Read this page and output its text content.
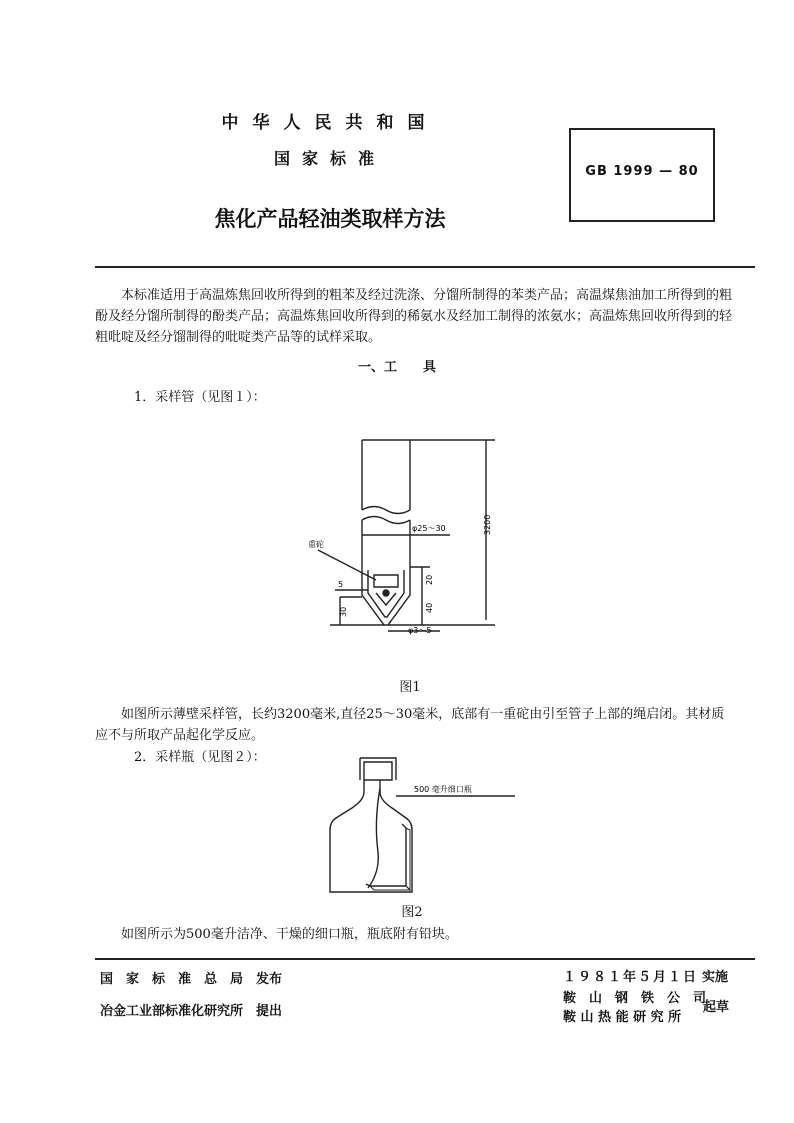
中华人民共和国
国家标准
焦化产品轻油类取样方法
GB 1999 — 80
本标准适用于高温炼焦回收所得到的粗苯及经过洗涤、分馏所制得的苯类产品；高温煤焦油加工所得到的粗酚及经分馏所制得的酚类产品；高温炼焦回收所得到的稀氨水及经加工制得的浓氨水；高温炼焦回收所得到的轻粗吡啶及经分馏制得的吡啶类产品等的试样采取。
一、工　　具
1．采样管（见图１）：
3200
φ25～30
重砣
5	20
40
30
φ3～5
图1
如图所示薄壁采样管，长约3200毫米,直径25～30毫米，底部有一重砣由引至管子上部的绳启闭。其材质应不与所取产品起化学反应。
2．采样瓶（见图２）：
500 毫升细口瓶
图2
如图所示为500毫升洁净、干燥的细口瓶，瓶底附有铅块。
国　家　标　准　总　局　发布
冶金工业部标准化研究所　提出
１９８１年５月１日 实施
鞍　山　钢　铁　公　司
鞍 山 热 能 研 究 所
起草
